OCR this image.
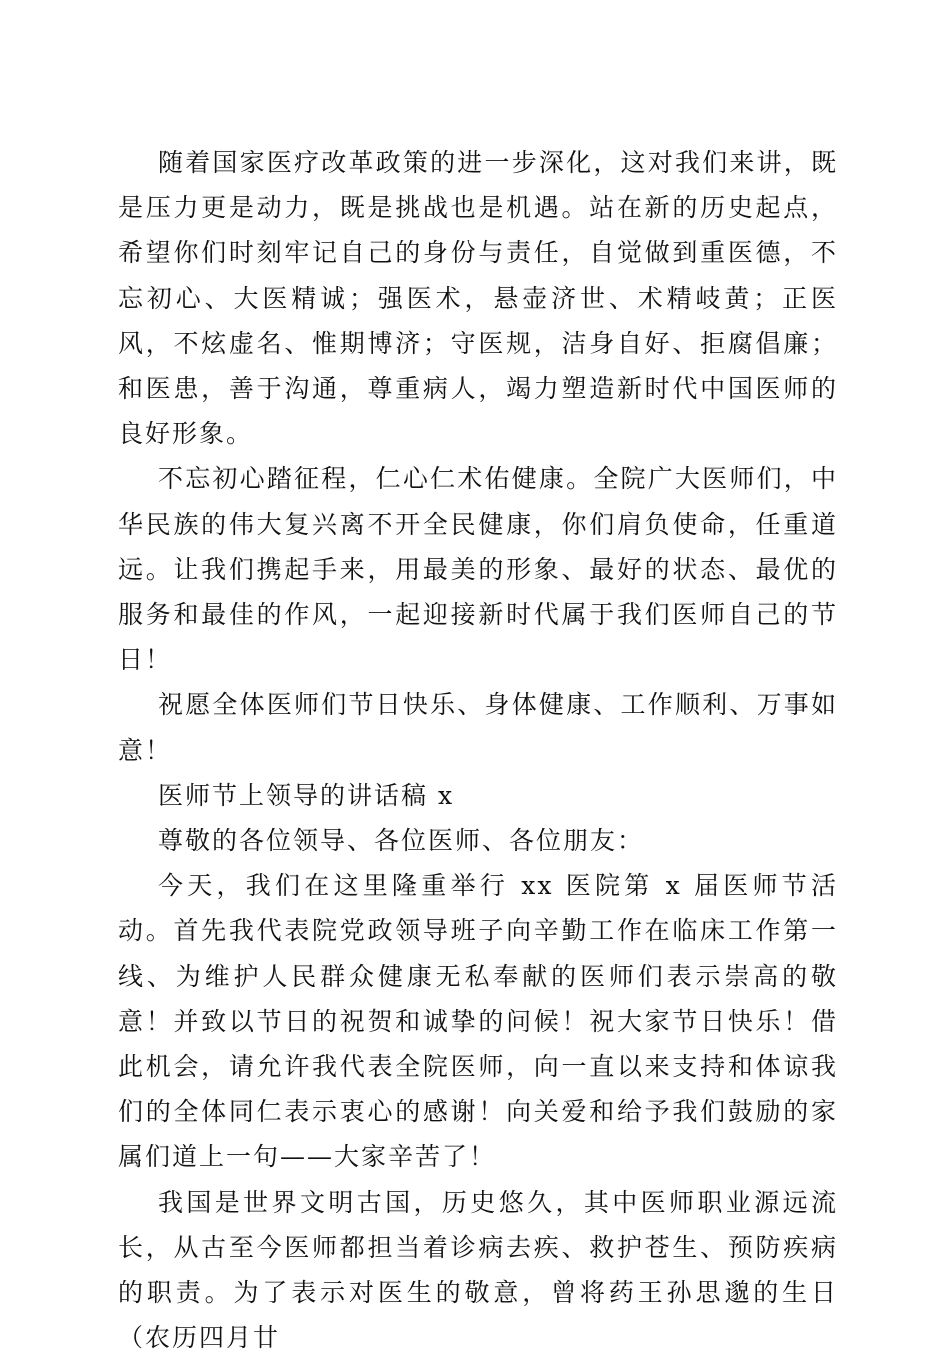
随着国家医疗改革政策的进一步深化，这对我们来讲，既是压力更是动力，既是挑战也是机遇。站在新的历史起点，希望你们时刻牢记自己的身份与责任，自觉做到重医德，不忘初心、大医精诚；强医术，悬壶济世、术精岐黄；正医风，不炫虚名、惟期博济；守医规，洁身自好、拒腐倡廉；和医患，善于沟通，尊重病人，竭力塑造新时代中国医师的良好形象。

不忘初心踏征程，仁心仁术佑健康。全院广大医师们，中华民族的伟大复兴离不开全民健康，你们肩负使命，任重道远。让我们携起手来，用最美的形象、最好的状态、最优的服务和最佳的作风，一起迎接新时代属于我们医师自己的节日！

祝愿全体医师们节日快乐、身体健康、工作顺利、万事如意！

医师节上领导的讲话稿 x

尊敬的各位领导、各位医师、各位朋友：

今天，我们在这里隆重举行 xx 医院第 x 届医师节活动。首先我代表院党政领导班子向辛勤工作在临床工作第一线、为维护人民群众健康无私奉献的医师们表示崇高的敬意！并致以节日的祝贺和诚挚的问候！祝大家节日快乐！借此机会，请允许我代表全院医师，向一直以来支持和体谅我们的全体同仁表示衷心的感谢！向关爱和给予我们鼓励的家属们道上一句——大家辛苦了！

我国是世界文明古国，历史悠久，其中医师职业源远流长，从古至今医师都担当着诊病去疾、救护苍生、预防疾病的职责。为了表示对医生的敬意，曾将药王孙思邈的生日（农历四月廿
